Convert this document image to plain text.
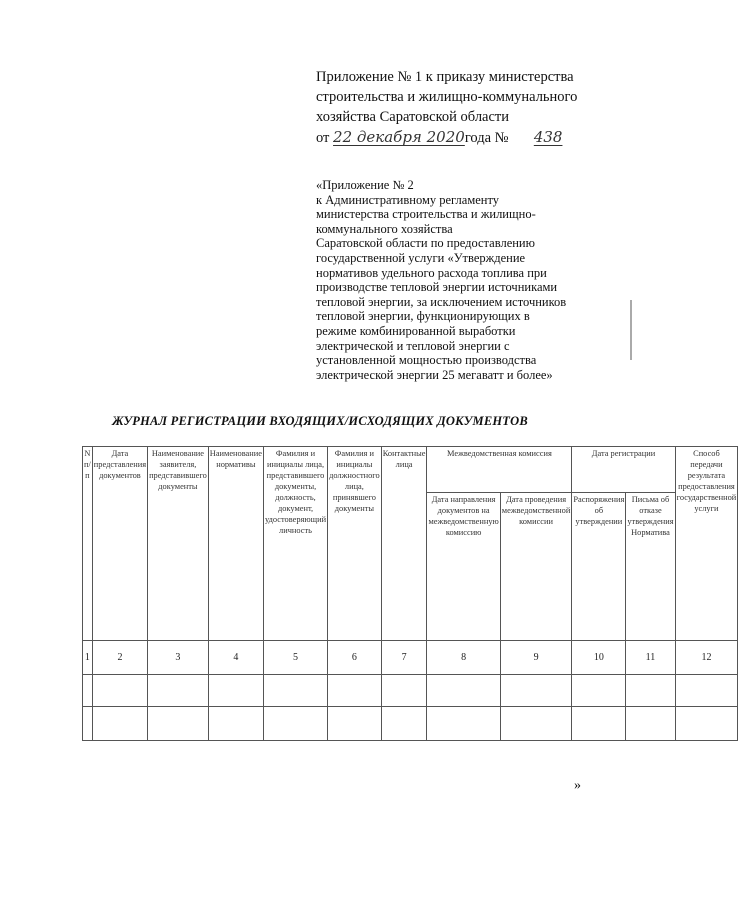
Приложение № 1 к приказу министерства
строительства и жилищно-коммунального
хозяйства Саратовской области
от 22 декабря 2020года № 438
«Приложение № 2
к Административному регламенту
министерства строительства и жилищно-
коммунального хозяйства
Саратовской области по предоставлению
государственной услуги «Утверждение
нормативов удельного расхода топлива при
производстве тепловой энергии источниками
тепловой энергии, за исключением источников
тепловой энергии, функционирующих в
режиме комбинированной выработки
электрической и тепловой энергии с
установленной мощностью производства
электрической энергии 25 мегаватт и более»
ЖУРНАЛ РЕГИСТРАЦИИ ВХОДЯЩИХ/ИСХОДЯЩИХ ДОКУМЕНТОВ
N п/п	Дата представления документов	Наименование заявителя, представившего документы	Наименование нормативы	Фамилия и инициалы лица, представившего документы, должность, документ, удостоверяющий личность	Фамилия и инициалы должностного лица, принявшего документы	Контактные лица	Межведомственная комиссия		Дата регистрации		Способ передачи результата предоставления государственной услуги

							Дата направления документов на межведомственную комиссию	Дата проведения межведомственной комиссии	Распоряжения об утверждении	Письма об отказе утверждения Норматива	

1	2	3	4	5	6	7	8	9	10	11	12

»
